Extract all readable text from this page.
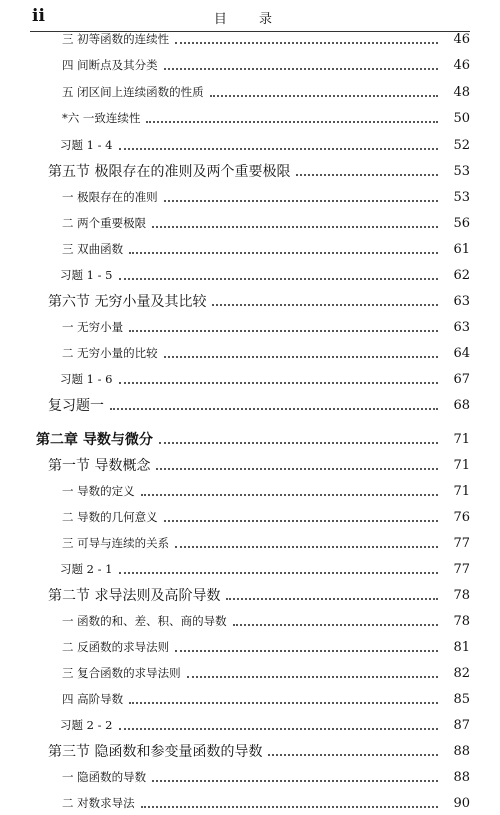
ii	目 录
三 初等函数的连续性	46
四 间断点及其分类	46
五 闭区间上连续函数的性质	48
*六 一致连续性	50
习题 1 - 4	52
第五节 极限存在的准则及两个重要极限	53
一 极限存在的准则	53
二 两个重要极限	56
三 双曲函数	61
习题 1 - 5	62
第六节 无穷小量及其比较	63
一 无穷小量	63
二 无穷小量的比较	64
习题 1 - 6	67
复习题一	68
第二章 导数与微分	71
第一节 导数概念	71
一 导数的定义	71
二 导数的几何意义	76
三 可导与连续的关系	77
习题 2 - 1	77
第二节 求导法则及高阶导数	78
一 函数的和、差、积、商的导数	78
二 反函数的求导法则	81
三 复合函数的求导法则	82
四 高阶导数	85
习题 2 - 2	87
第三节 隐函数和参变量函数的导数	88
一 隐函数的导数	88
二 对数求导法	90
